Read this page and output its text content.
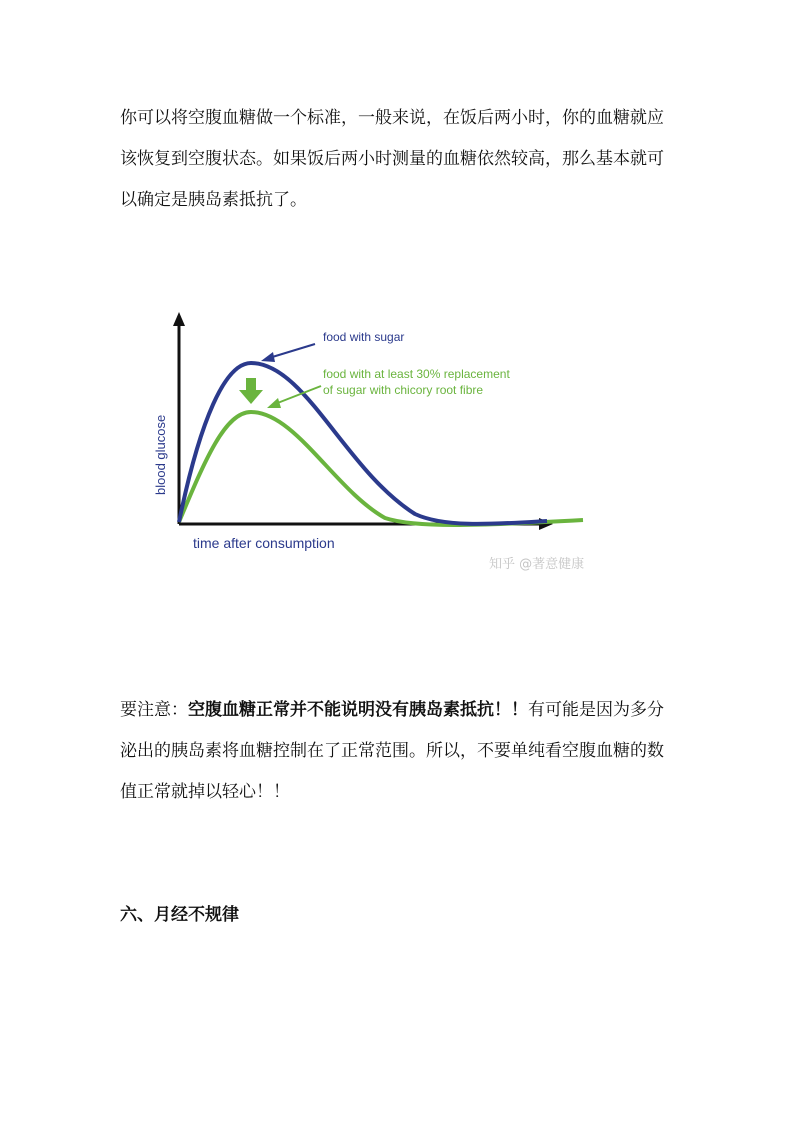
你可以将空腹血糖做一个标准，一般来说，在饭后两小时，你的血糖就应该恢复到空腹状态。如果饭后两小时测量的血糖依然较高，那么基本就可以确定是胰岛素抵抗了。

food with sugar
food with at least 30% replacement
of sugar with chicory root fibre
blood glucose
time after consumption
知乎 @著意健康

要注意：空腹血糖正常并不能说明没有胰岛素抵抗！！有可能是因为多分泌出的胰岛素将血糖控制在了正常范围。所以，不要单纯看空腹血糖的数值正常就掉以轻心！！

六、月经不规律
